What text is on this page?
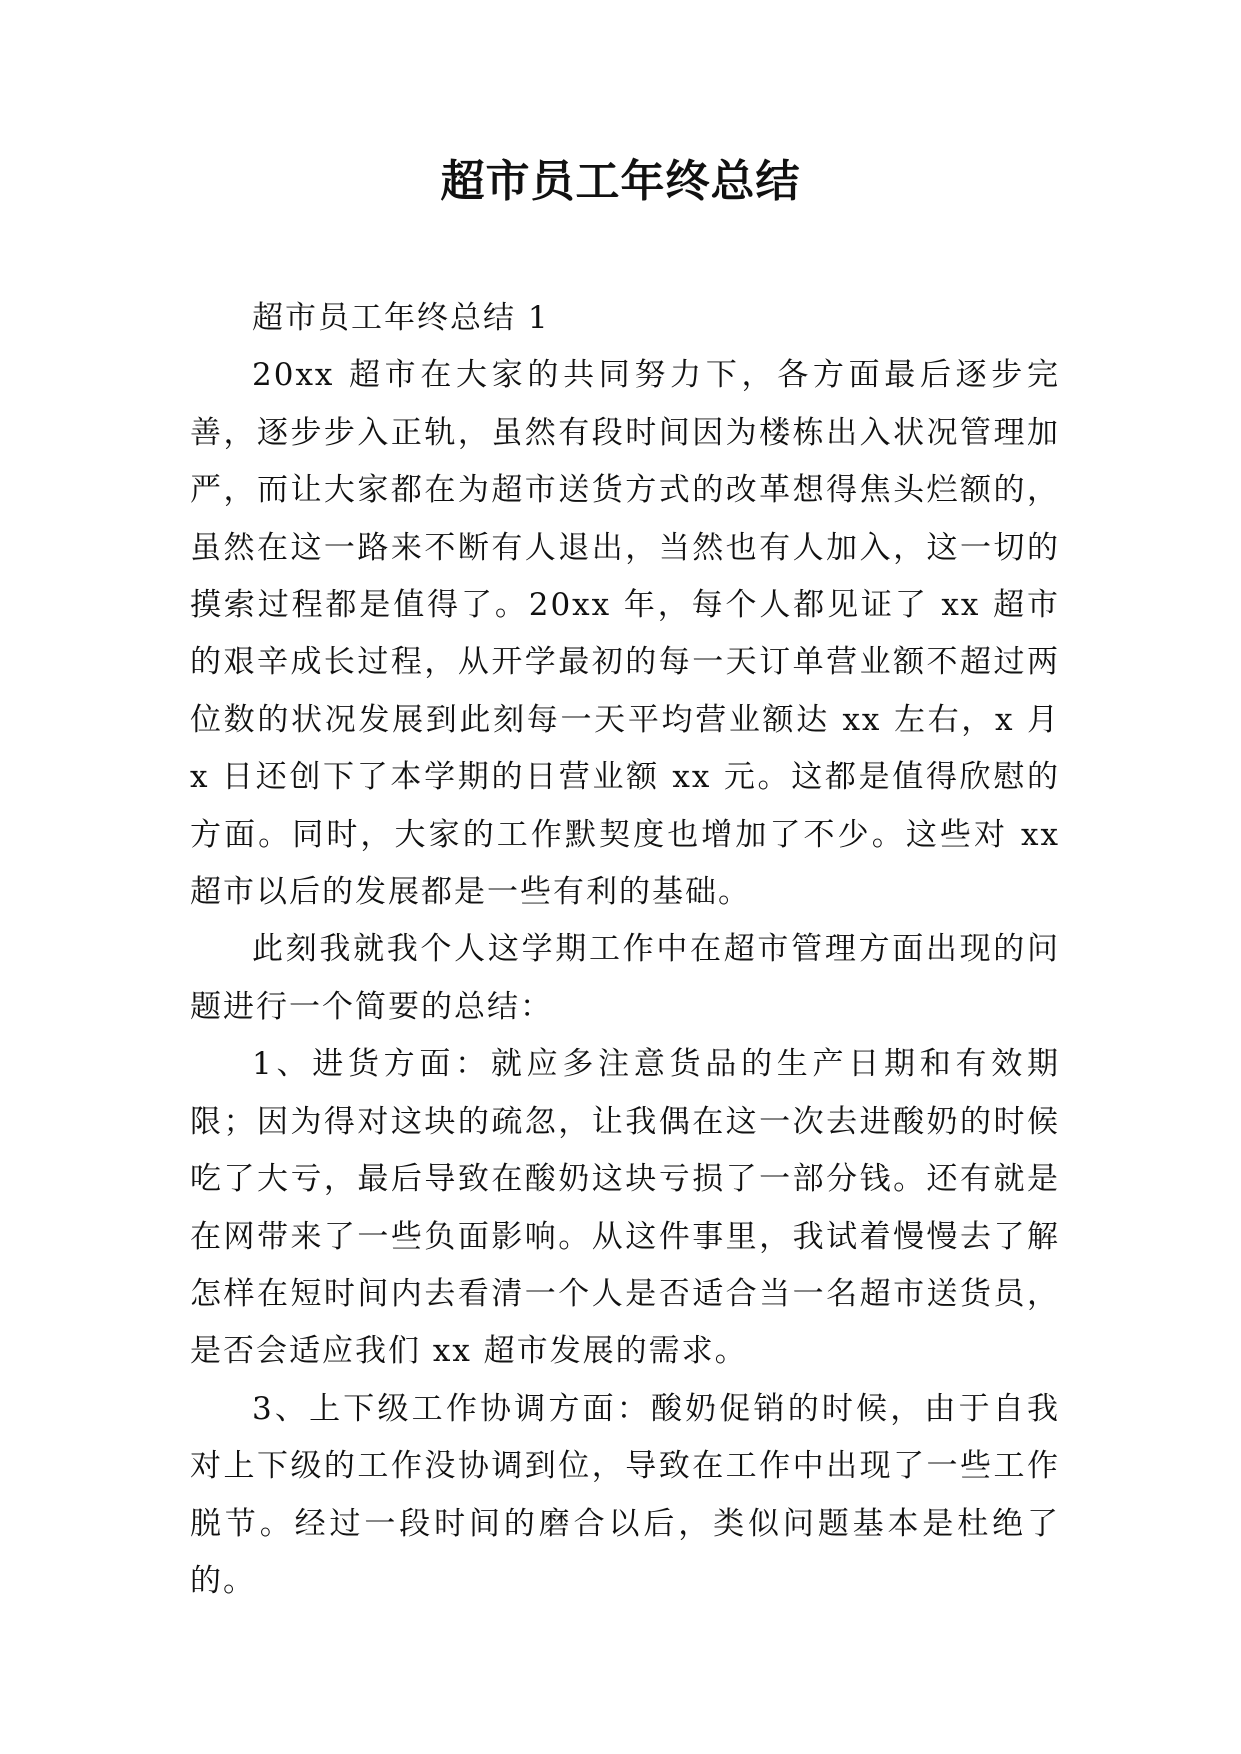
超市员工年终总结

超市员工年终总结 1

20xx 超市在大家的共同努力下，各方面最后逐步完善，逐步步入正轨，虽然有段时间因为楼栋出入状况管理加严，而让大家都在为超市送货方式的改革想得焦头烂额的，虽然在这一路来不断有人退出，当然也有人加入，这一切的摸索过程都是值得了。20xx 年，每个人都见证了 xx 超市的艰辛成长过程，从开学最初的每一天订单营业额不超过两位数的状况发展到此刻每一天平均营业额达 xx 左右，x 月 x 日还创下了本学期的日营业额 xx 元。这都是值得欣慰的方面。同时，大家的工作默契度也增加了不少。这些对 xx 超市以后的发展都是一些有利的基础。

此刻我就我个人这学期工作中在超市管理方面出现的问题进行一个简要的总结：

1、进货方面：就应多注意货品的生产日期和有效期限；因为得对这块的疏忽，让我偶在这一次去进酸奶的时候吃了大亏，最后导致在酸奶这块亏损了一部分钱。还有就是在网带来了一些负面影响。从这件事里，我试着慢慢去了解怎样在短时间内去看清一个人是否适合当一名超市送货员，是否会适应我们 xx 超市发展的需求。

3、上下级工作协调方面：酸奶促销的时候，由于自我对上下级的工作没协调到位，导致在工作中出现了一些工作脱节。经过一段时间的磨合以后，类似问题基本是杜绝了的。
